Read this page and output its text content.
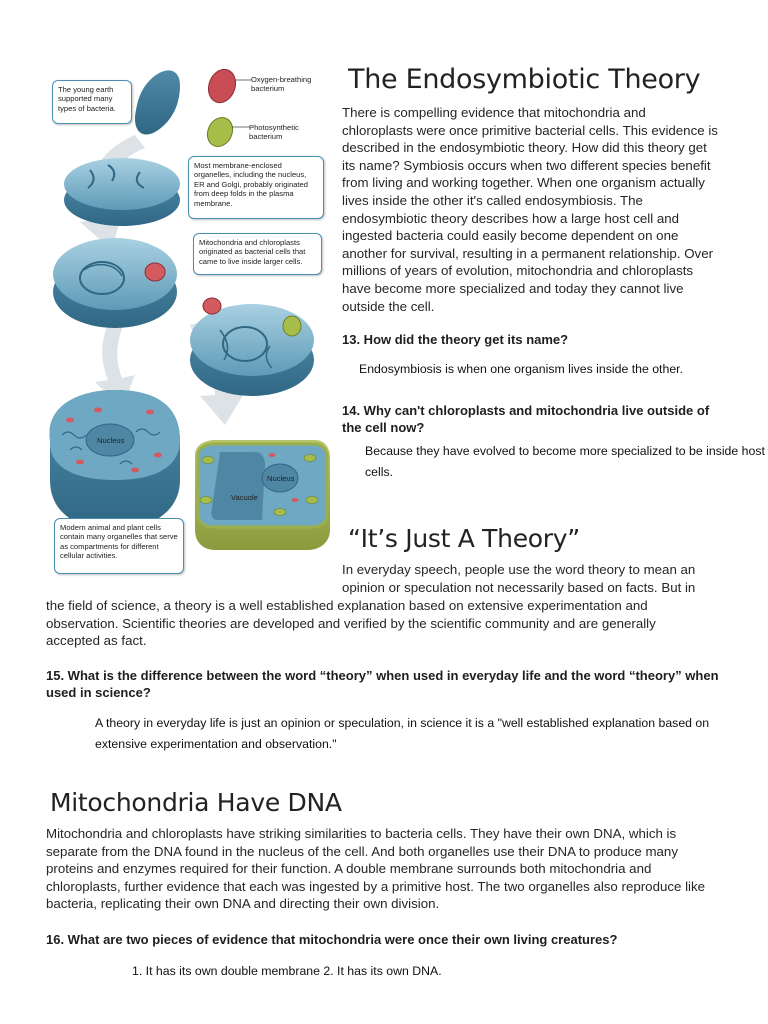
The young earth supported many types of bacteria.
Oxygen-breathing bacterium
Photosynthetic bacterium
Most membrane-enclosed organelles, including the nucleus, ER and Golgi, probably originated from deep folds in the plasma membrane.
Mitochondria and chloroplasts originated as bacterial cells that came to live inside larger cells.
Nucleus
Nucleus
Vacuole
Modern animal and plant cells contain many organelles that serve as compartments for different cellular activities.
The Endosymbiotic Theory
There is compelling evidence that mitochondria and chloroplasts were once primitive bacterial cells. This evidence is described in the endosymbiotic theory. How did this theory get its name? Symbiosis occurs when two different species benefit from living and working together. When one organism actually lives inside the other it's called endosymbiosis. The endosymbiotic theory describes how a large host cell and ingested bacteria could easily become dependent on one another for survival, resulting in a permanent relationship. Over millions of years of evolution, mitochondria and chloroplasts have become more specialized and today they cannot live outside the cell.
13. How did the theory get its name?
Endosymbiosis is when one organism lives inside the other.
14. Why can't chloroplasts and mitochondria live outside of the cell now?
Because they have evolved to become more specialized to be inside host cells.
“It’s Just A Theory”
In everyday speech, people use the word theory to mean an opinion or speculation not necessarily based on facts. But in
the field of science, a theory is a well established explanation based on extensive experimentation and observation. Scientific theories are developed and verified by the scientific community and are generally accepted as fact.
15. What is the difference between the word “theory” when used in everyday life and the word “theory” when used in science?
A theory in everyday life is just an opinion or speculation, in science it is a "well established explanation based on extensive experimentation and observation."
Mitochondria Have DNA
Mitochondria and chloroplasts have striking similarities to bacteria cells. They have their own DNA, which is separate from the DNA found in the nucleus of the cell. And both organelles use their DNA to produce many proteins and enzymes required for their function. A double membrane surrounds both mitochondria and chloroplasts, further evidence that each was ingested by a primitive host. The two organelles also reproduce like bacteria, replicating their own DNA and directing their own division.
16. What are two pieces of evidence that mitochondria were once their own living creatures?
1. It has its own double membrane 2. It has its own DNA.
